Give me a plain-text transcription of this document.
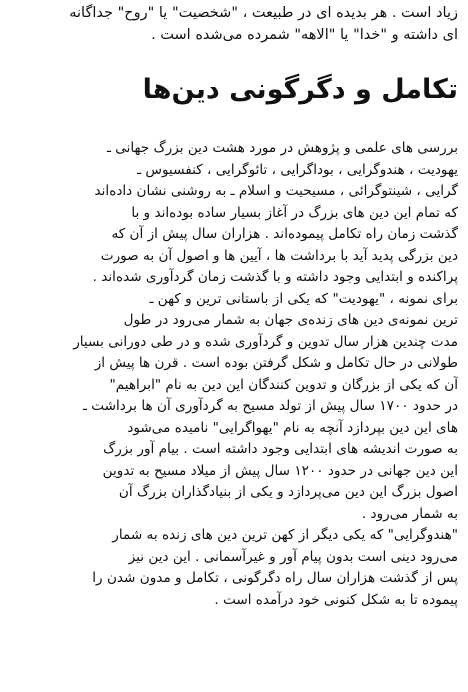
زیاد است . هر بدیده ای در طبیعت ، "شخصیت" یا "روح" جداگانه
ای داشته و "خدا" یا "الاهه" شمرده می‌شده است .
تکامل و دگرگونی دین‌ها
بررسی های علمی و پژوهش در مورد هشت دین بزرگ جهانی ـ
یهودیت ، هندوگرایی ، بوداگرایی ، تائوگرایی ، کنفسیوس ـ
گرایی ، شینتوگرائی ، مسیحیت و اسلام ـ به روشنی نشان داده‌اند
که تمام این دین های بزرگ در آغاز بسیار ساده بوده‌اند و با
گذشت زمان راه تکامل پیموده‌اند . هزاران سال پیش از آن که
دین بزرگی پدید آید با برداشت ها ، آیین ها و اصول آن به صورت
پراکنده و ابتدایی وجود داشته و با گذشت زمان گردآوری شده‌اند .
برای نمونه ، "یهودیت" که یکی از باستانی ترین و کهن ـ
ترین نمونه‌ی دین های زنده‌ی جهان به شمار می‌رود در طول
مدت چندین هزار سال تدوین و گردآوری شده و در طی دورانی بسیار
طولانی در حال تکامل و شکل گرفتن بوده است . قرن ها پیش از
آن که یکی از بزرگان و تدوین کنندگان این دین به نام "ابراهیم"
در حدود ۱۷۰۰ سال پیش از تولد مسیح به گردآوری آن ها برداشت ـ
های این دین بپردازد آنچه به نام "یهواگرایی" نامیده می‌شود
به صورت اندیشه های ابتدایی وجود داشته است . بیام آور بزرگ
این دین جهانی در حدود ۱۲۰۰ سال پیش از میلاد مسیح به تدوین
اصول بزرگ این دین می‌پردازد و یکی از بنیادگذاران بزرگ آن
به شمار می‌رود .
"هندوگرایی" که یکی دیگر از کهن ترین دین های زنده به شمار
می‌رود دینی است بدون پیام آور و غیرآسمانی . این دین نیز
پس از گذشت هزاران سال راه دگرگونی ، تکامل و مدون شدن را
پیموده تا به شکل کنونی خود درآمده است .
